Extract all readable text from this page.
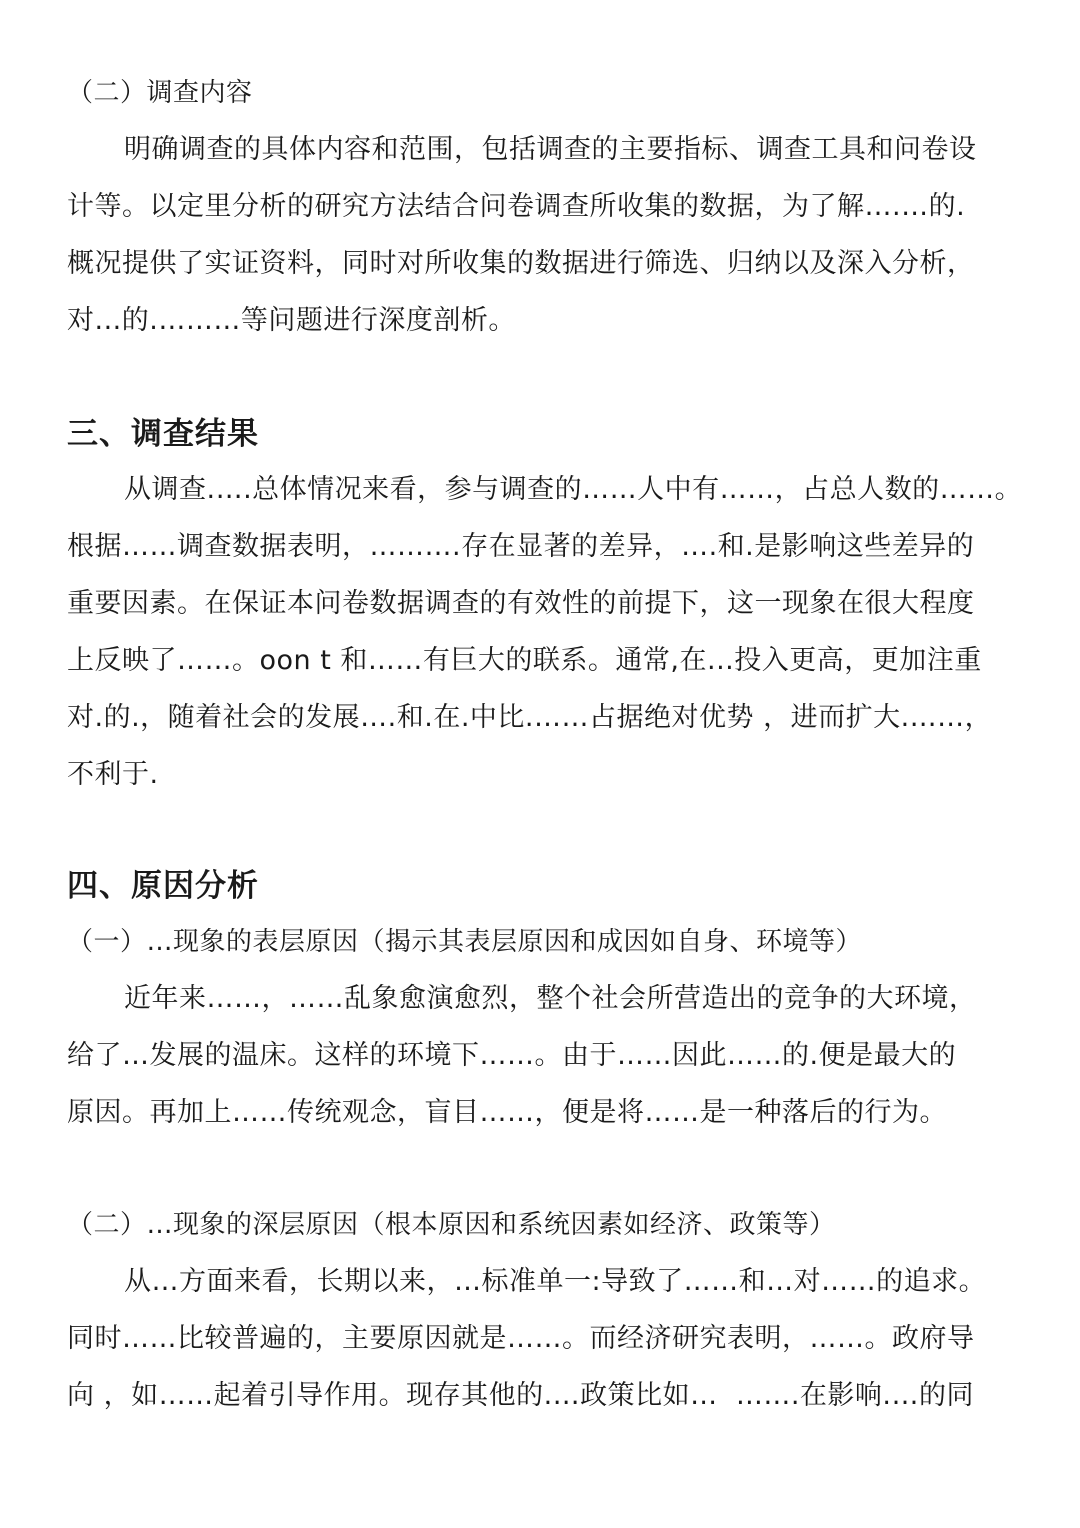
（二）调查内容
明确调查的具体内容和范围，包括调查的主要指标、调查工具和问卷设
计等。以定里分析的研究方法结合问卷调查所收集的数据，为了解….…的.
概况提供了实证资料，同时对所收集的数据进行筛选、归纳以及深入分析，
对...的.………等问题进行深度剖析。
三、调查结果
从调查.….总体情况来看，参与调查的……人中有……，占总人数的……。
根据……调查数据表明，……….存在显著的差异，….和.是影响这些差异的
重要因素。在保证本问卷数据调查的有效性的前提下，这一现象在很大程度
上反映了……。oon t 和……有巨大的联系。通常,在...投入更高，更加注重
对.的.，随着社会的发展….和.在.中比.……占据绝对优势 ，进而扩大.……，
不利于.
四、原因分析
（一）…现象的表层原因（揭示其表层原因和成因如自身、环境等）
近年来……，……乱象愈演愈烈，整个社会所营造出的竞争的大环境，
给了…发展的温床。这样的环境下……。由于……因此……的.便是最大的
原因。再加上……传统观念，盲目……，便是将……是一种落后的行为。
（二）…现象的深层原因（根本原因和系统因素如经济、政策等）
从…方面来看，长期以来，…标准单一:导致了……和…对……的追求。
同时……比较普遍的，主要原因就是……。而经济研究表明，……。政府导
向 ，如……起着引导作用。现存其他的.…政策比如…  …….在影响.…的同
